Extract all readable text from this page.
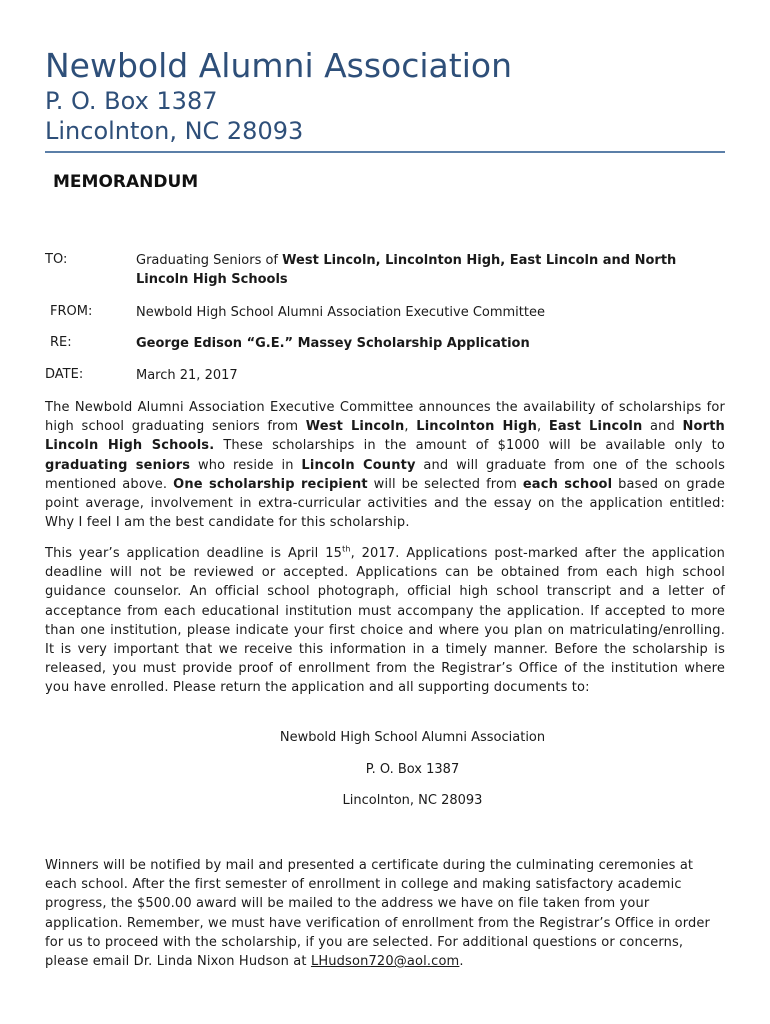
Newbold Alumni Association
P. O. Box 1387
Lincolnton, NC 28093
MEMORANDUM
TO:	Graduating Seniors of West Lincoln, Lincolnton High, East Lincoln and North Lincoln High Schools
FROM:	Newbold High School Alumni Association Executive Committee
RE:	George Edison “G.E.” Massey Scholarship Application
DATE:	March 21, 2017
The Newbold Alumni Association Executive Committee announces the availability of scholarships for high school graduating seniors from West Lincoln, Lincolnton High, East Lincoln and North Lincoln High Schools. These scholarships in the amount of $1000 will be available only to graduating seniors who reside in Lincoln County and will graduate from one of the schools mentioned above. One scholarship recipient will be selected from each school based on grade point average, involvement in extra-curricular activities and the essay on the application entitled: Why I feel I am the best candidate for this scholarship.
This year’s application deadline is April 15th, 2017. Applications post-marked after the application deadline will not be reviewed or accepted. Applications can be obtained from each high school guidance counselor. An official school photograph, official high school transcript and a letter of acceptance from each educational institution must accompany the application. If accepted to more than one institution, please indicate your first choice and where you plan on matriculating/enrolling. It is very important that we receive this information in a timely manner. Before the scholarship is released, you must provide proof of enrollment from the Registrar’s Office of the institution where you have enrolled. Please return the application and all supporting documents to:
Newbold High School Alumni Association
P. O. Box 1387
Lincolnton, NC 28093
Winners will be notified by mail and presented a certificate during the culminating ceremonies at each school. After the first semester of enrollment in college and making satisfactory academic progress, the $500.00 award will be mailed to the address we have on file taken from your application. Remember, we must have verification of enrollment from the Registrar’s Office in order for us to proceed with the scholarship, if you are selected. For additional questions or concerns, please email Dr. Linda Nixon Hudson at LHudson720@aol.com.
